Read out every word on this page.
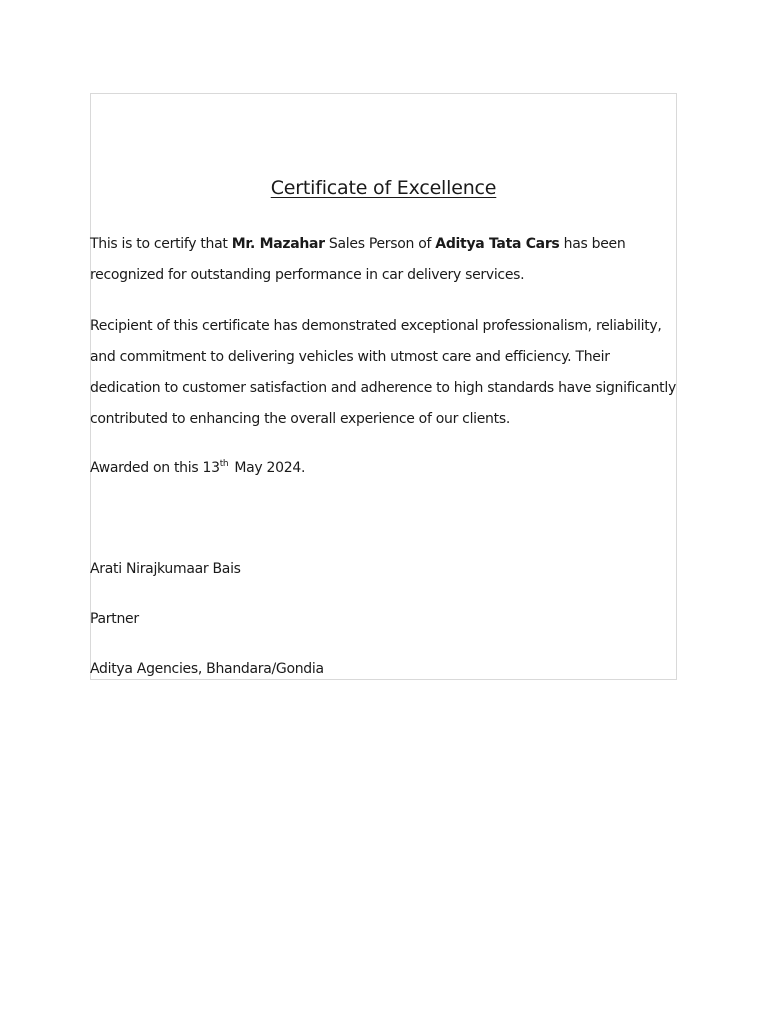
Certificate of Excellence

This is to certify that Mr. Mazahar Sales Person of Aditya Tata Cars has been recognized for outstanding performance in car delivery services.

Recipient of this certificate has demonstrated exceptional professionalism, reliability, and commitment to delivering vehicles with utmost care and efficiency. Their dedication to customer satisfaction and adherence to high standards have significantly contributed to enhancing the overall experience of our clients.

Awarded on this 13th May 2024.

Arati Nirajkumaar Bais

Partner

Aditya Agencies, Bhandara/Gondia
